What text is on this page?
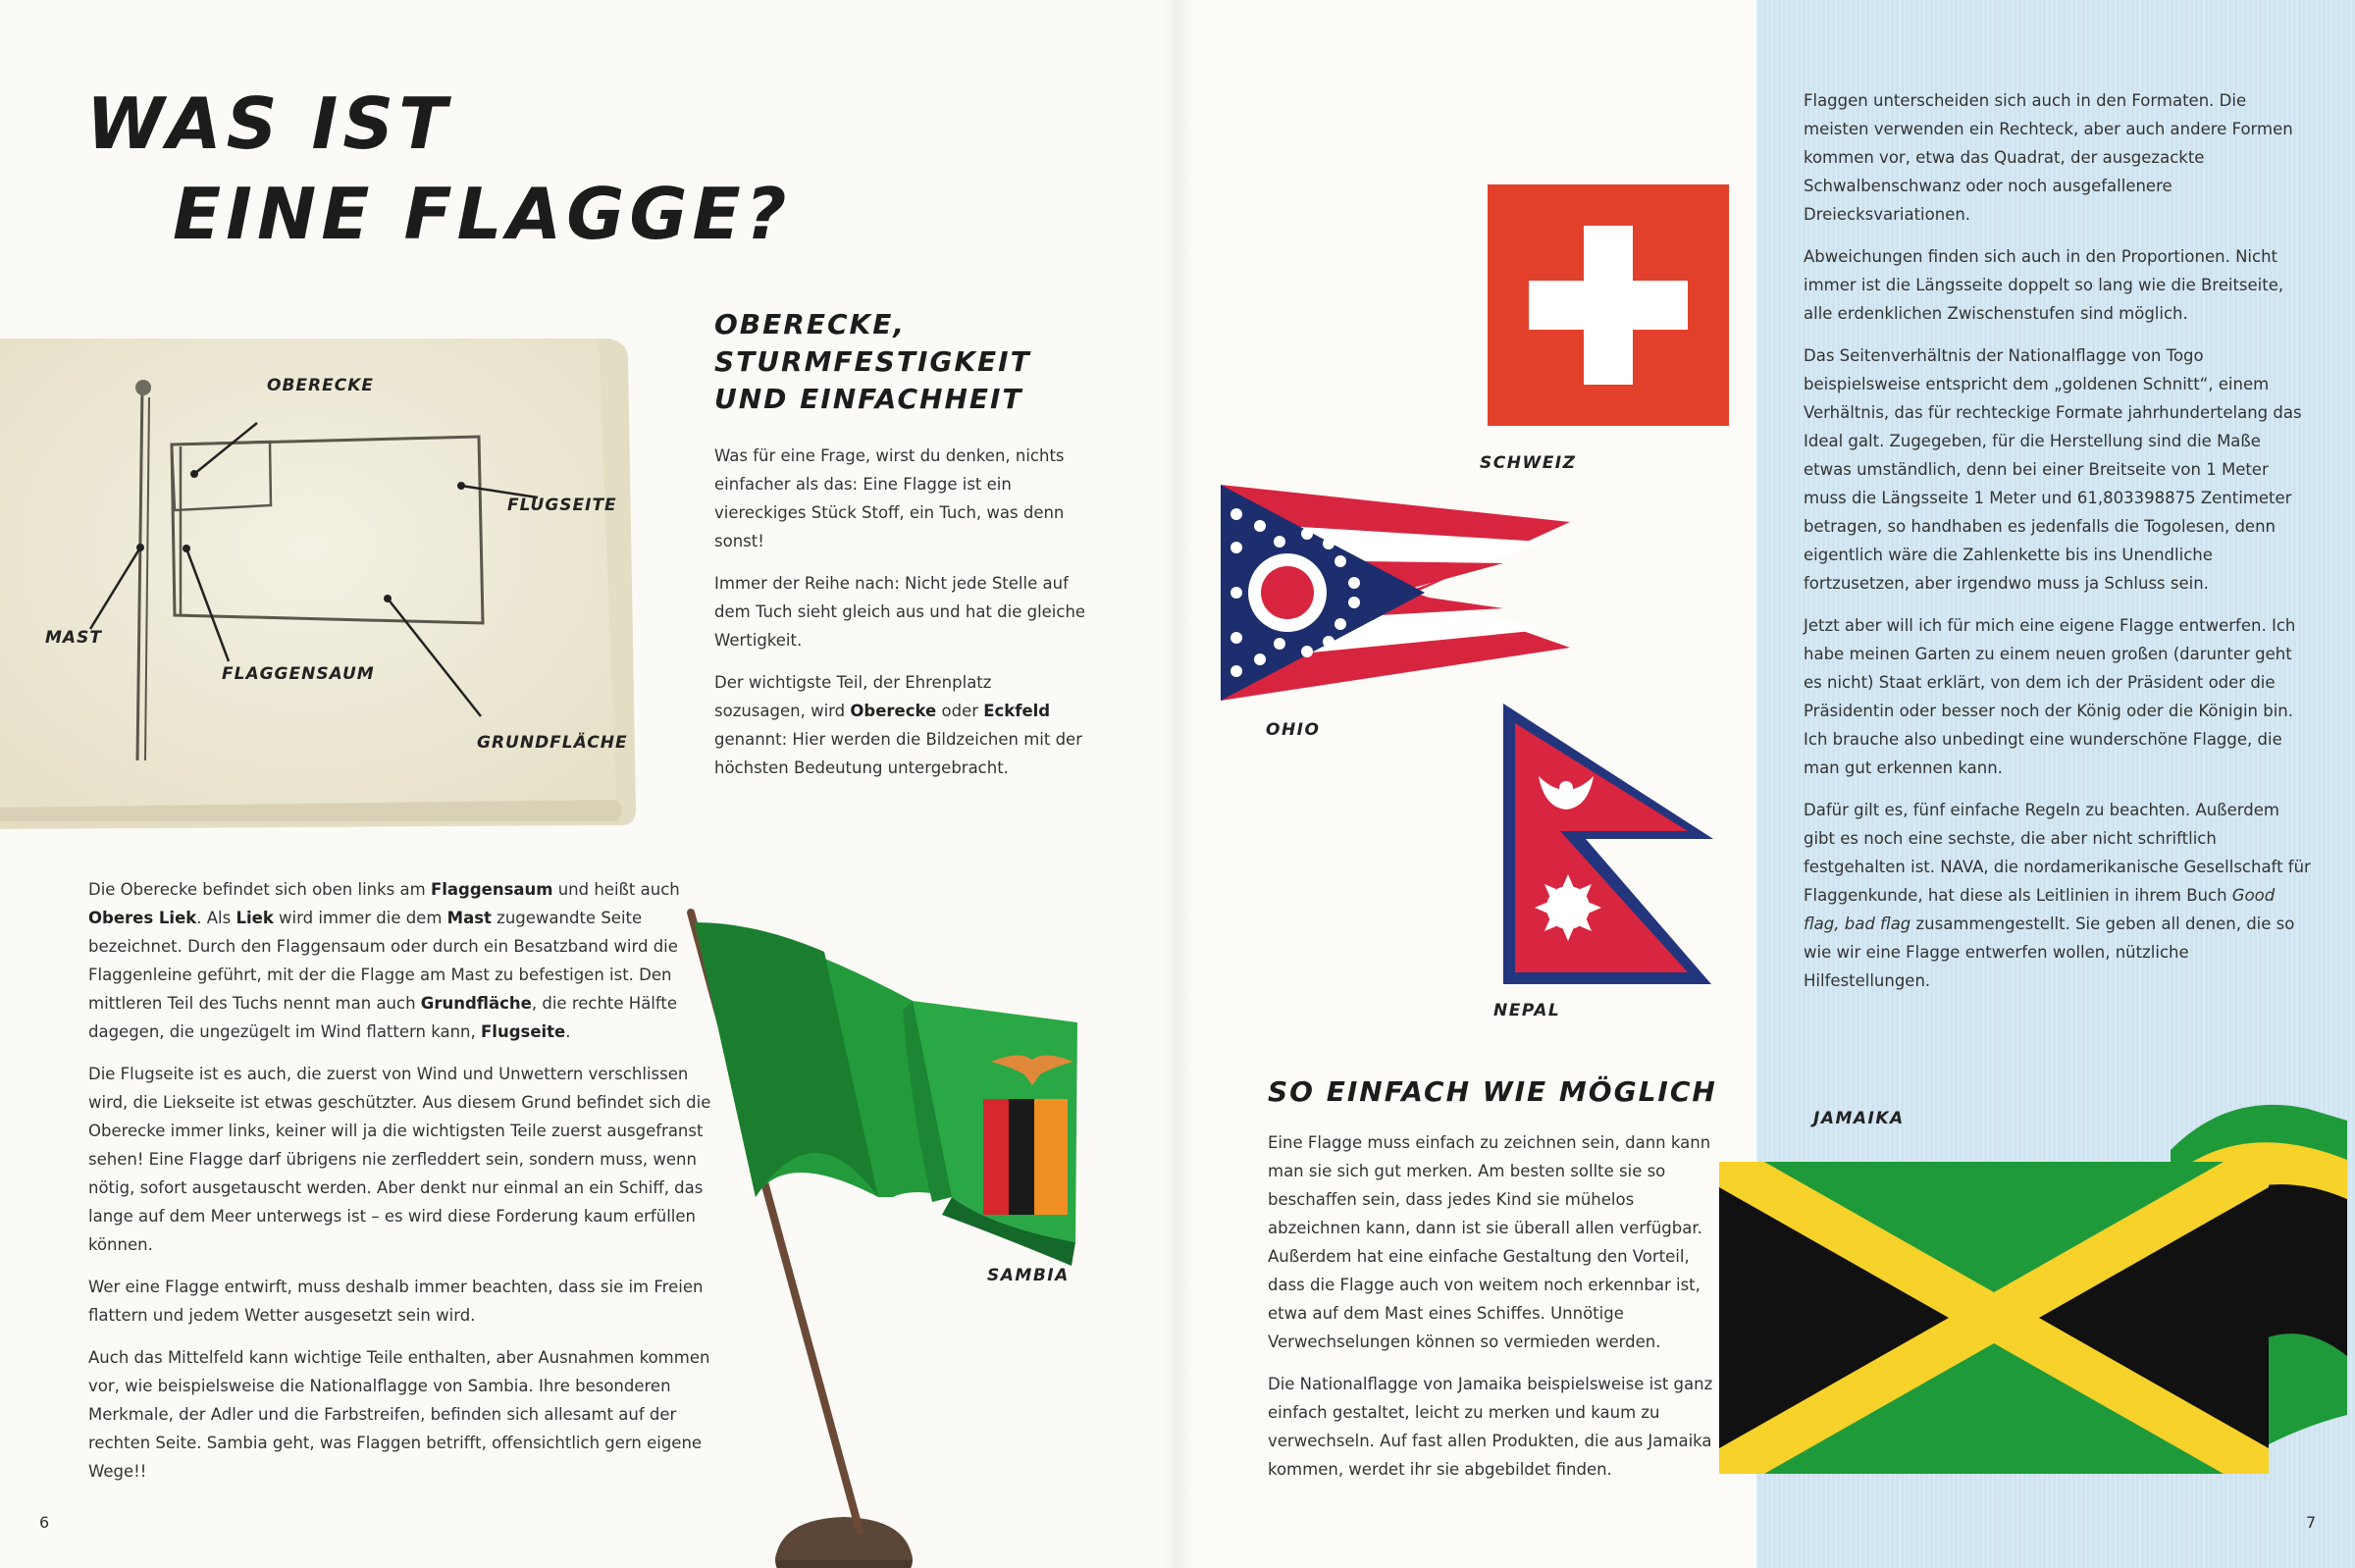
WAS IST
EINE FLAGGE?
OBERECKE
FLUGSEITE
MAST
FLAGGENSAUM
GRUNDFLÄCHE
OBERECKE,
STURMFESTIGKEIT
UND EINFACHHEIT

Was für eine Frage, wirst du denken, nichts einfacher als das: Eine Flagge ist ein viereckiges Stück Stoff, ein Tuch, was denn sonst!

Immer der Reihe nach: Nicht jede Stelle auf dem Tuch sieht gleich aus und hat die gleiche Wertigkeit.

Der wichtigste Teil, der Ehrenplatz sozusagen, wird Oberecke oder Eckfeld genannt: Hier werden die Bildzeichen mit der höchsten Bedeutung untergebracht.

Die Oberecke befindet sich oben links am Flaggensaum und heißt auch Oberes Liek. Als Liek wird immer die dem Mast zugewandte Seite bezeichnet. Durch den Flaggensaum oder durch ein Besatzband wird die Flaggenleine geführt, mit der die Flagge am Mast zu befestigen ist. Den mittleren Teil des Tuchs nennt man auch Grundfläche, die rechte Hälfte dagegen, die ungezügelt im Wind flattern kann, Flugseite.

Die Flugseite ist es auch, die zuerst von Wind und Unwettern verschlissen wird, die Liekseite ist etwas geschützter. Aus diesem Grund befindet sich die Oberecke immer links, keiner will ja die wichtigsten Teile zuerst ausgefranst sehen! Eine Flagge darf übrigens nie zerfleddert sein, sondern muss, wenn nötig, sofort ausgetauscht werden. Aber denkt nur einmal an ein Schiff, das lange auf dem Meer unterwegs ist – es wird diese Forderung kaum erfüllen können.

Wer eine Flagge entwirft, muss deshalb immer beachten, dass sie im Freien flattern und jedem Wetter ausgesetzt sein wird.

Auch das Mittelfeld kann wichtige Teile enthalten, aber Ausnahmen kommen vor, wie beispielsweise die Nationalflagge von Sambia. Ihre besonderen Merkmale, der Adler und die Farbstreifen, befinden sich allesamt auf der rechten Seite. Sambia geht, was Flaggen betrifft, offensichtlich gern eigene Wege!!

SAMBIA
SCHWEIZ
OHIO
NEPAL
SO EINFACH WIE MÖGLICH

Eine Flagge muss einfach zu zeichnen sein, dann kann man sie sich gut merken. Am besten sollte sie so beschaffen sein, dass jedes Kind sie mühelos abzeichnen kann, dann ist sie überall allen verfügbar. Außerdem hat eine einfache Gestaltung den Vorteil, dass die Flagge auch von weitem noch erkennbar ist, etwa auf dem Mast eines Schiffes. Unnötige Verwechselungen können so vermieden werden.

Die Nationalflagge von Jamaika beispielsweise ist ganz einfach gestaltet, leicht zu merken und kaum zu verwechseln. Auf fast allen Produkten, die aus Jamaika kommen, werdet ihr sie abgebildet finden.

Flaggen unterscheiden sich auch in den Formaten. Die meisten verwenden ein Rechteck, aber auch andere Formen kommen vor, etwa das Quadrat, der ausgezackte Schwalbenschwanz oder noch ausgefallenere Dreiecksvariationen.

Abweichungen finden sich auch in den Proportionen. Nicht immer ist die Längsseite doppelt so lang wie die Breitseite, alle erdenklichen Zwischenstufen sind möglich.

Das Seitenverhältnis der Nationalflagge von Togo beispielsweise entspricht dem „goldenen Schnitt“, einem Verhältnis, das für rechteckige Formate jahrhundertelang das Ideal galt. Zugegeben, für die Herstellung sind die Maße etwas umständlich, denn bei einer Breitseite von 1 Meter muss die Längsseite 1 Meter und 61,803398875 Zentimeter betragen, so handhaben es jedenfalls die Togolesen, denn eigentlich wäre die Zahlenkette bis ins Unendliche fortzusetzen, aber irgendwo muss ja Schluss sein.

Jetzt aber will ich für mich eine eigene Flagge entwerfen. Ich habe meinen Garten zu einem neuen großen (darunter geht es nicht) Staat erklärt, von dem ich der Präsident oder die Präsidentin oder besser noch der König oder die Königin bin. Ich brauche also unbedingt eine wunderschöne Flagge, die man gut erkennen kann.

Dafür gilt es, fünf einfache Regeln zu beachten. Außerdem gibt es noch eine sechste, die aber nicht schriftlich festgehalten ist. NAVA, die nordamerikanische Gesellschaft für Flaggenkunde, hat diese als Leitlinien in ihrem Buch Good flag, bad flag zusammengestellt. Sie geben all denen, die so wie wir eine Flagge entwerfen wollen, nützliche Hilfestellungen.

JAMAIKA
6	7
